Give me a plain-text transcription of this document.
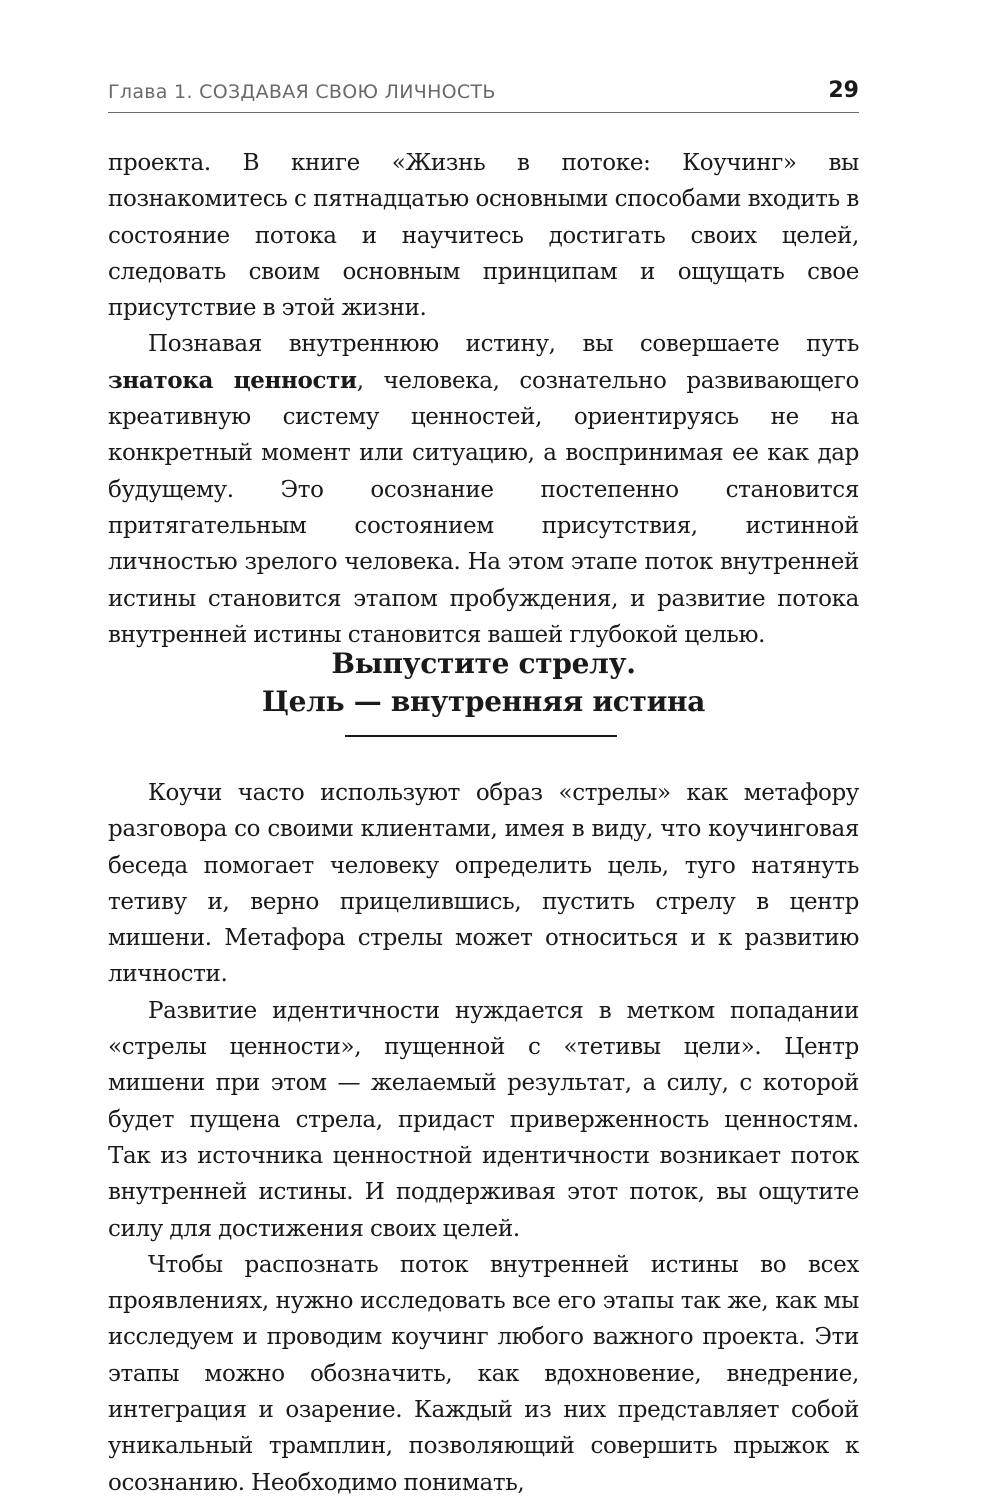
Глава 1. СОЗДАВАЯ СВОЮ ЛИЧНОСТЬ	29

проекта. В книге «Жизнь в потоке: Коучинг» вы познакомитесь с пятнадцатью основными способами входить в состояние потока и научитесь достигать своих целей, следовать своим основным принципам и ощущать свое присутствие в этой жизни.

Познавая внутреннюю истину, вы совершаете путь знатока ценности, человека, сознательно развивающего креативную систему ценностей, ориентируясь не на конкретный момент или ситуацию, а воспринимая ее как дар будущему. Это осознание постепенно становится притягательным состоянием присутствия, истинной личностью зрелого человека. На этом этапе поток внутренней истины становится этапом пробуждения, и развитие потока внутренней истины становится вашей глубокой целью.

Выпустите стрелу.
Цель — внутренняя истина

Коучи часто используют образ «стрелы» как метафору разговора со своими клиентами, имея в виду, что коучинговая беседа помогает человеку определить цель, туго натянуть тетиву и, верно прицелившись, пустить стрелу в центр мишени. Метафора стрелы может относиться и к развитию личности.

Развитие идентичности нуждается в метком попадании «стрелы ценности», пущенной с «тетивы цели». Центр мишени при этом — желаемый результат, а силу, с которой будет пущена стрела, придаст приверженность ценностям. Так из источника ценностной идентичности возникает поток внутренней истины. И поддерживая этот поток, вы ощутите силу для достижения своих целей.

Чтобы распознать поток внутренней истины во всех проявлениях, нужно исследовать все его этапы так же, как мы исследуем и проводим коучинг любого важного проекта. Эти этапы можно обозначить, как вдохновение, внедрение, интеграция и озарение. Каждый из них представляет собой уникальный трамплин, позволяющий совершить прыжок к осознанию. Необходимо понимать,
